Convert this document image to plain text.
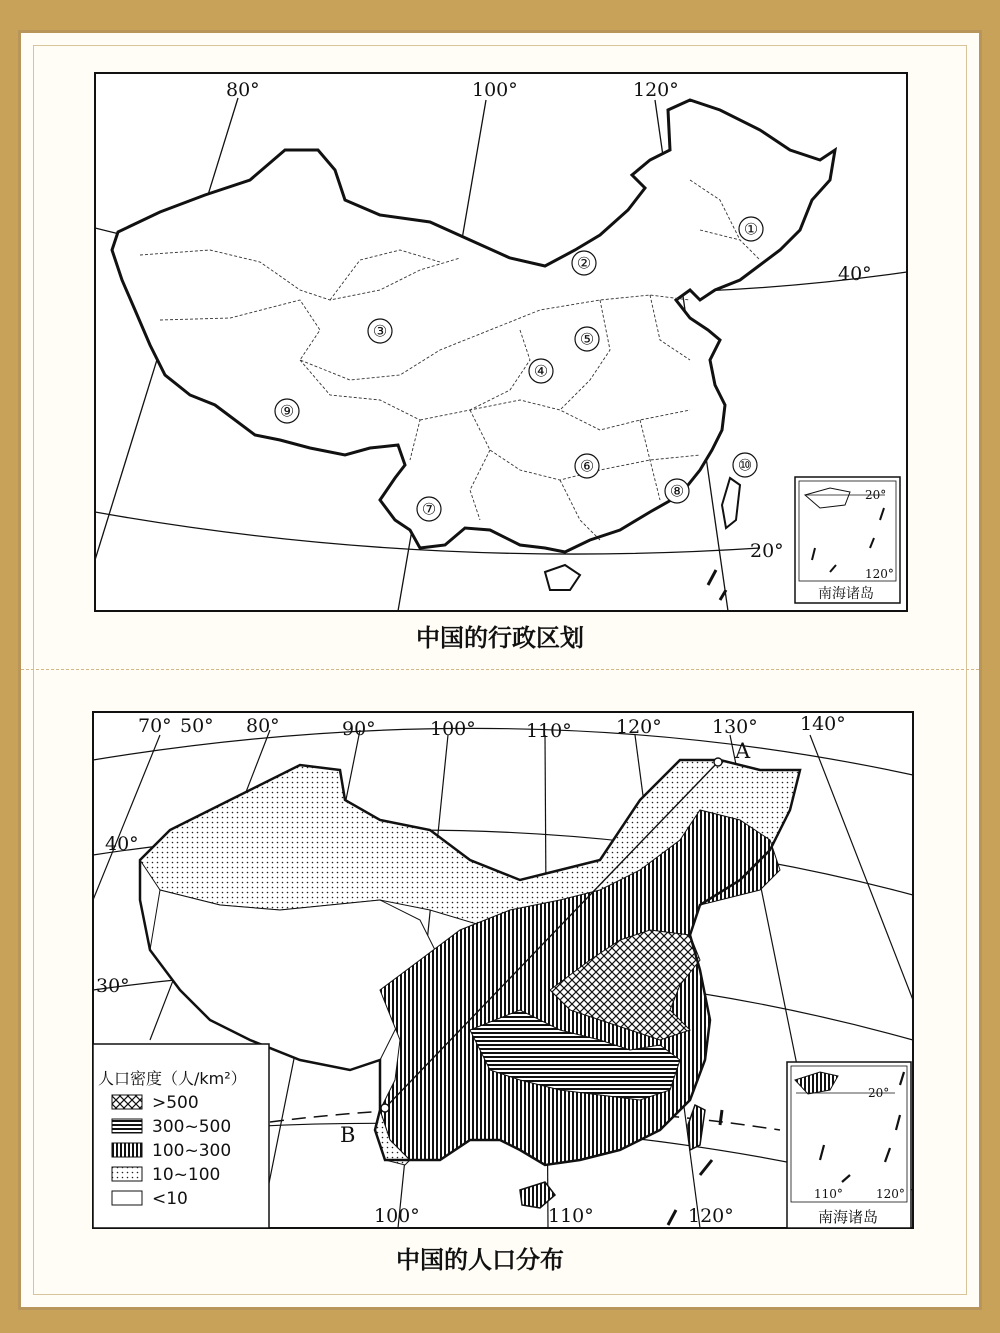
80°	100°	120°
40°
20°
①
②
③
④
⑤
⑥
⑦
⑧
⑨
⑩
20°
120°
南海诸岛
中国的行政区划
70° 50° 80°	90°	100°	110° 120°	130° 140°
40°
30°
100°	110°	120°
A
B
人口密度（人/km²）
>500
300~500
100~300
10~100
<10
20°
110°	120°
南海诸岛
中国的人口分布
